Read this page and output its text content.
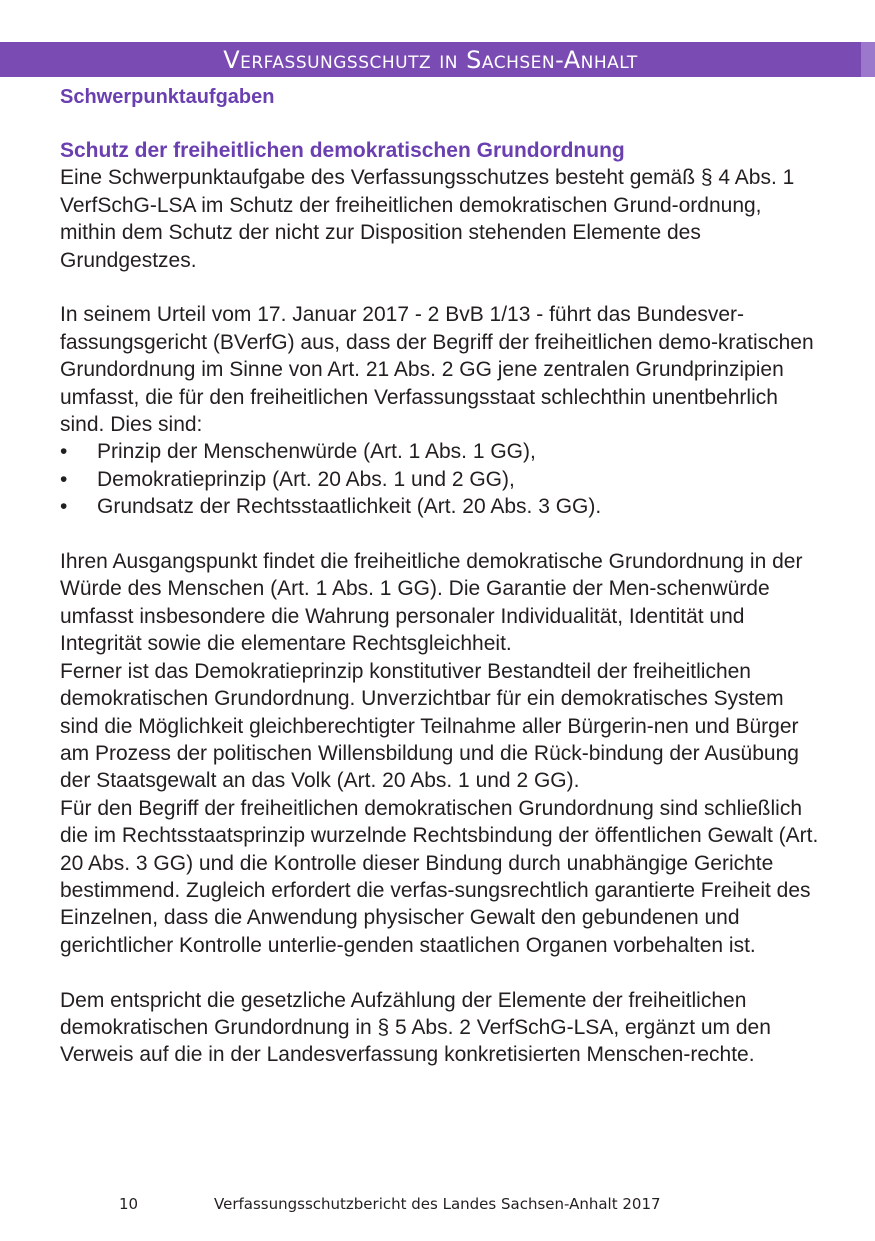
Verfassungsschutz in Sachsen-Anhalt
Schwerpunktaufgaben
Schutz der freiheitlichen demokratischen Grundordnung

Eine Schwerpunktaufgabe des Verfassungsschutzes besteht gemäß § 4 Abs. 1 VerfSchG-LSA im Schutz der freiheitlichen demokratischen Grund-ordnung, mithin dem Schutz der nicht zur Disposition stehenden Elemente des Grundgestzes.

In seinem Urteil vom 17. Januar 2017 - 2 BvB 1/13 - führt das Bundesver-fassungsgericht (BVerfG) aus, dass der Begriff der freiheitlichen demo-kratischen Grundordnung im Sinne von Art. 21 Abs. 2 GG jene zentralen Grundprinzipien umfasst, die für den freiheitlichen Verfassungsstaat schlechthin unentbehrlich sind. Dies sind:

• Prinzip der Menschenwürde (Art. 1 Abs. 1 GG),
• Demokratieprinzip (Art. 20 Abs. 1 und 2 GG),
• Grundsatz der Rechtsstaatlichkeit (Art. 20 Abs. 3 GG).

Ihren Ausgangspunkt findet die freiheitliche demokratische Grundordnung in der Würde des Menschen (Art. 1 Abs. 1 GG). Die Garantie der Men-schenwürde umfasst insbesondere die Wahrung personaler Individualität, Identität und Integrität sowie die elementare Rechtsgleichheit.

Ferner ist das Demokratieprinzip konstitutiver Bestandteil der freiheitlichen demokratischen Grundordnung. Unverzichtbar für ein demokratisches System sind die Möglichkeit gleichberechtigter Teilnahme aller Bürgerin-nen und Bürger am Prozess der politischen Willensbildung und die Rück-bindung der Ausübung der Staatsgewalt an das Volk (Art. 20 Abs. 1 und 2 GG).

Für den Begriff der freiheitlichen demokratischen Grundordnung sind schließlich die im Rechtsstaatsprinzip wurzelnde Rechtsbindung der öffentlichen Gewalt (Art. 20 Abs. 3 GG) und die Kontrolle dieser Bindung durch unabhängige Gerichte bestimmend. Zugleich erfordert die verfas-sungsrechtlich garantierte Freiheit des Einzelnen, dass die Anwendung physischer Gewalt den gebundenen und gerichtlicher Kontrolle unterlie-genden staatlichen Organen vorbehalten ist.

Dem entspricht die gesetzliche Aufzählung der Elemente der freiheitlichen demokratischen Grundordnung in § 5 Abs. 2 VerfSchG-LSA, ergänzt um den Verweis auf die in der Landesverfassung konkretisierten Menschen-rechte.

10	Verfassungsschutzbericht des Landes Sachsen-Anhalt 2017
